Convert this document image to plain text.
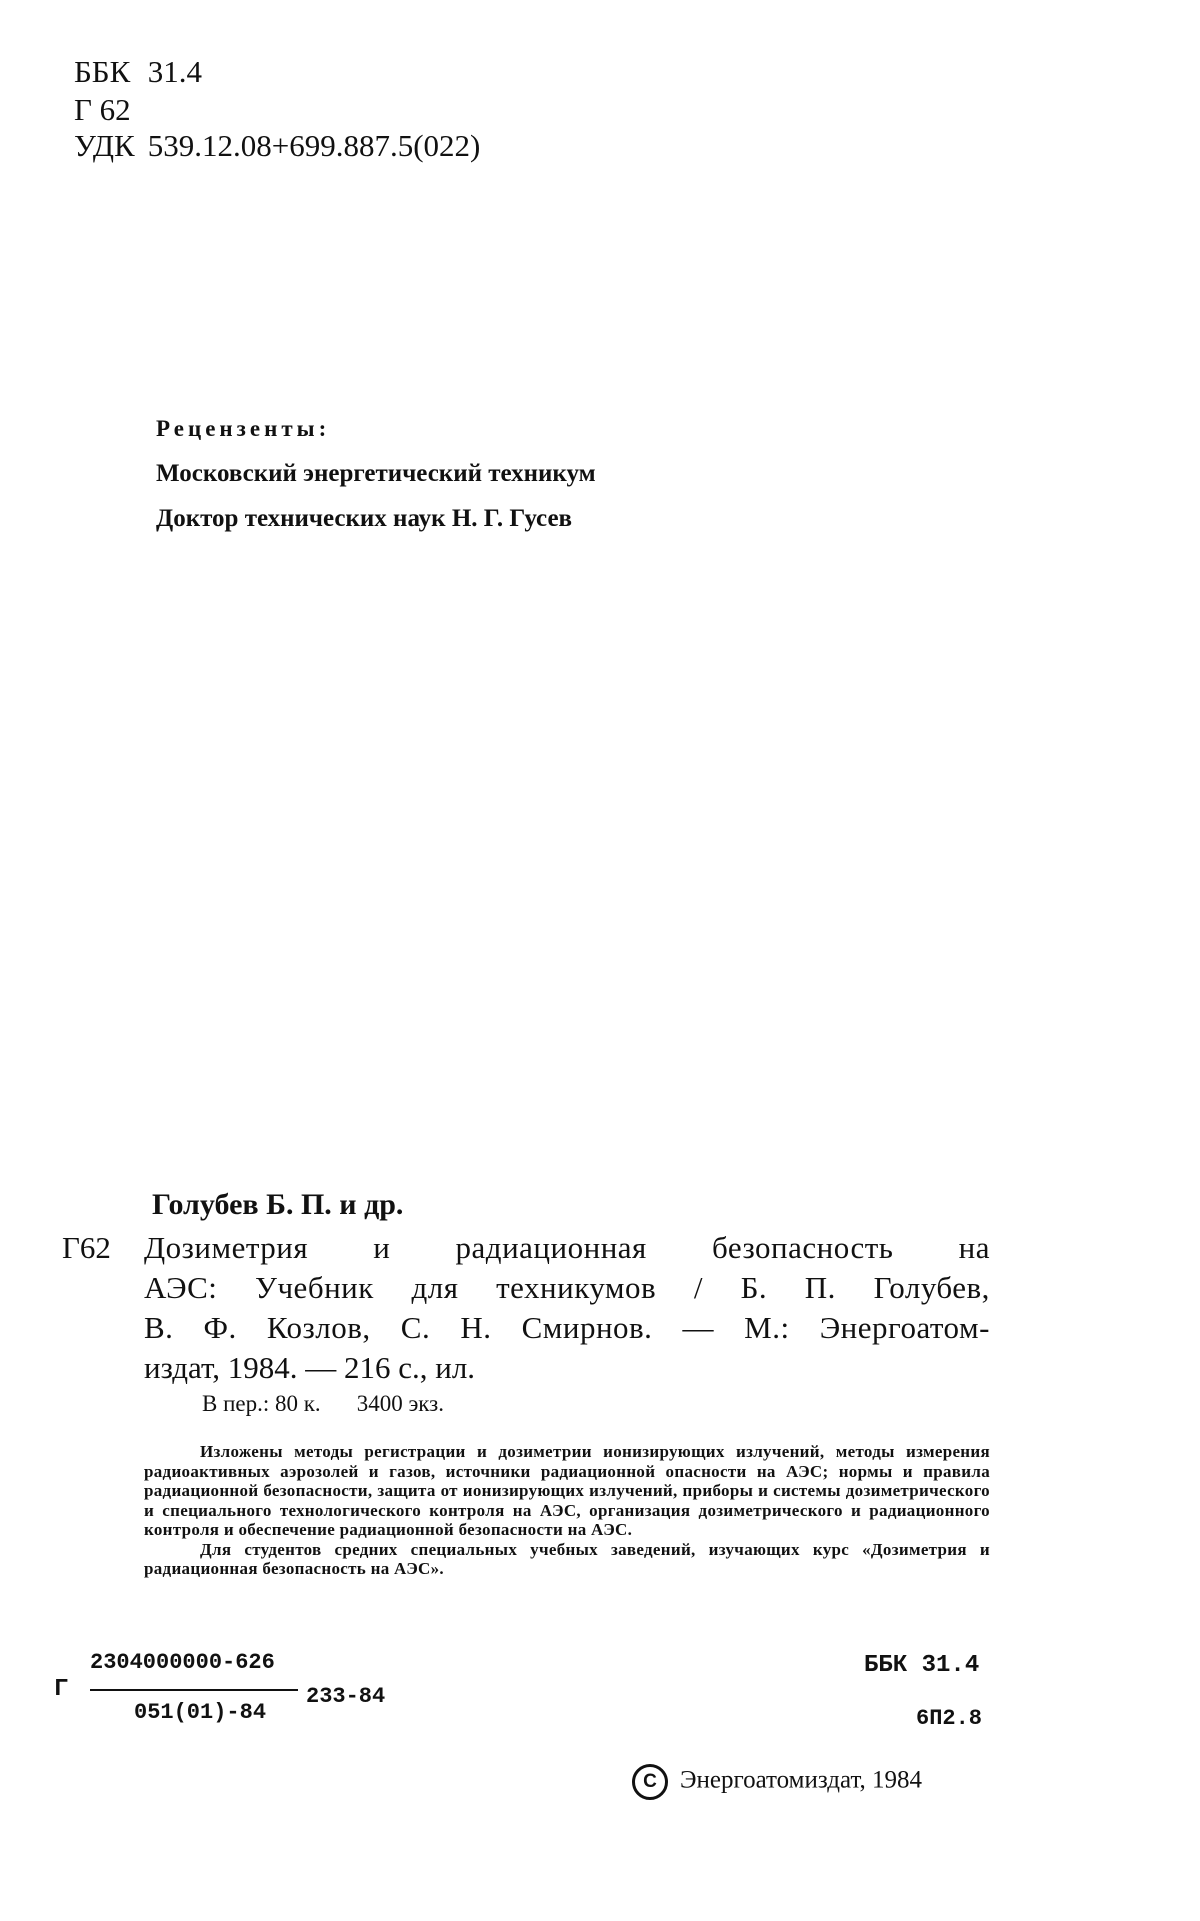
ББК 31.4
Г 62
УДК 539.12.08+699.887.5(022)
Рецензенты:
Московский энергетический техникум
Доктор технических наук Н. Г. Гусев
Голубев Б. П. и др.
Г62 Дозиметрия и радиационная безопасность на
АЭС: Учебник для техникумов / Б. П. Голубев,
В. Ф. Козлов, С. Н. Смирнов. — М.: Энергоатом-
издат, 1984. — 216 с., ил.
В пер.: 80 к. 3400 экз.

Изложены методы регистрации и дозиметрии ионизирующих излучений, методы измерения радиоактивных аэрозолей и газов, источники радиационной опасности на АЭС; нормы и правила радиационной безопасности, защита от ионизирующих излучений, приборы и системы дозиметрического и специального технологического контроля на АЭС, организация дозиметрического и радиационного контроля и обеспечение радиационной безопасности на АЭС.

Для студентов средних специальных учебных заведений, изучающих курс «Дозиметрия и радиационная безопасность на АЭС».

Г
2304000000-626
051(01)-84
233-84
ББК 31.4
6П2.8
C Энергоатомиздат, 1984
